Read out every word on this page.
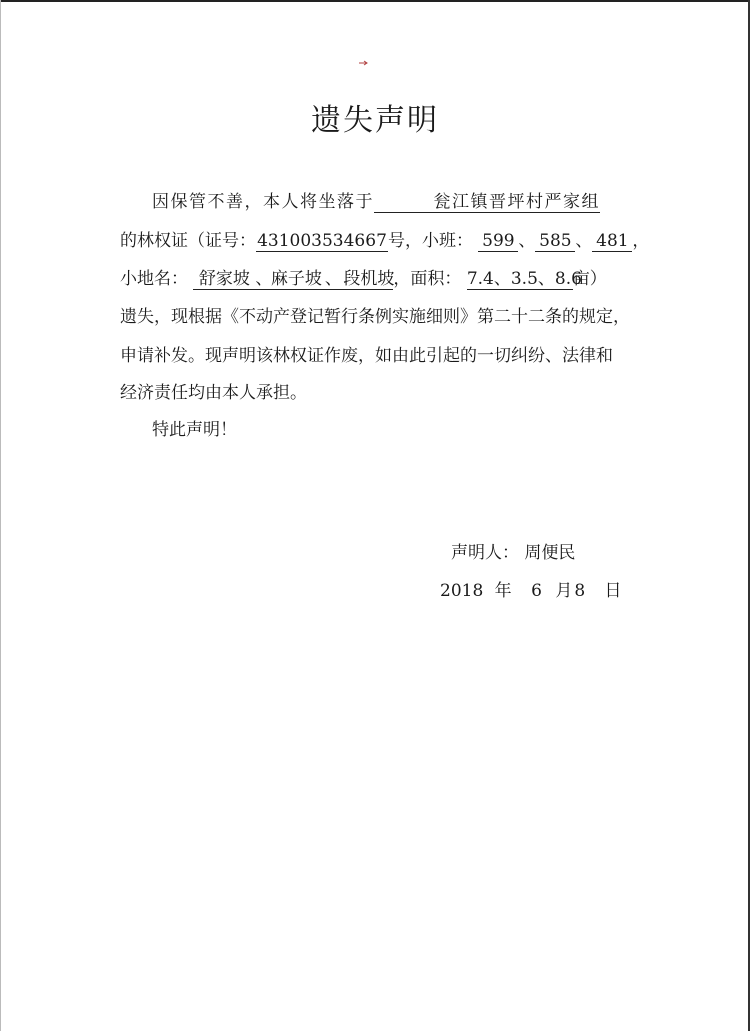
遗失声明
因保管不善，本人将坐落于	瓮江镇晋坪村严家组
的林权证（证号：431003534667号，小班： 599 、 585 、 481 ，
小地名： 舒家坡 、麻子坡 、段机坡，面积： 7.4、3.5、8.6亩）
遗失，现根据《不动产登记暂行条例实施细则》第二十二条的规定，
申请补发。现声明该林权证作废，如由此引起的一切纠纷、法律和
经济责任均由本人承担。
特此声明！
声明人： 周便民
2018 年 6 月 8 日
